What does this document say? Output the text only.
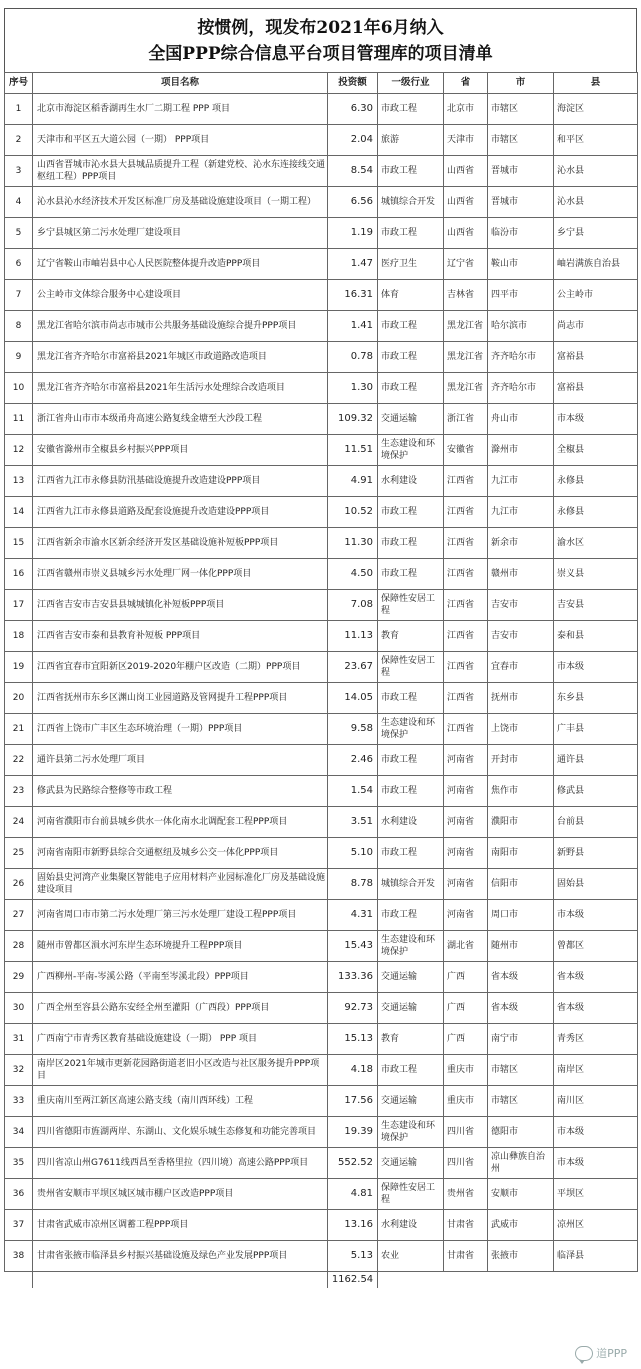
按惯例，现发布2021年6月纳入
全国PPP综合信息平台项目管理库的项目清单
序号	项目名称	投资额	一级行业	省	市	县
1	北京市海淀区稻香湖再生水厂二期工程 PPP 项目	6.30	市政工程	北京市	市辖区	海淀区
2	天津市和平区五大道公园（一期） PPP项目	2.04	旅游	天津市	市辖区	和平区
3	山西省晋城市沁水县大县城品质提升工程（新建党校、沁水东连接线交通枢纽工程）PPP项目	8.54	市政工程	山西省	晋城市	沁水县
4	沁水县沁水经济技术开发区标准厂房及基础设施建设项目（一期工程）	6.56	城镇综合开发	山西省	晋城市	沁水县
5	乡宁县城区第二污水处理厂建设项目	1.19	市政工程	山西省	临汾市	乡宁县
6	辽宁省鞍山市岫岩县中心人民医院整体提升改造PPP项目	1.47	医疗卫生	辽宁省	鞍山市	岫岩满族自治县
7	公主岭市文体综合服务中心建设项目	16.31	体育	吉林省	四平市	公主岭市
8	黑龙江省哈尔滨市尚志市城市公共服务基础设施综合提升PPP项目	1.41	市政工程	黑龙江省	哈尔滨市	尚志市
9	黑龙江省齐齐哈尔市富裕县2021年城区市政道路改造项目	0.78	市政工程	黑龙江省	齐齐哈尔市	富裕县
10	黑龙江省齐齐哈尔市富裕县2021年生活污水处理综合改造项目	1.30	市政工程	黑龙江省	齐齐哈尔市	富裕县
11	浙江省舟山市市本级甬舟高速公路复线金塘至大沙段工程	109.32	交通运输	浙江省	舟山市	市本级
12	安徽省滁州市全椒县乡村振兴PPP项目	11.51	生态建设和环境保护	安徽省	滁州市	全椒县
13	江西省九江市永修县防汛基础设施提升改造建设PPP项目	4.91	水利建设	江西省	九江市	永修县
14	江西省九江市永修县道路及配套设施提升改造建设PPP项目	10.52	市政工程	江西省	九江市	永修县
15	江西省新余市渝水区新余经济开发区基础设施补短板PPP项目	11.30	市政工程	江西省	新余市	渝水区
16	江西省赣州市崇义县城乡污水处理厂网一体化PPP项目	4.50	市政工程	江西省	赣州市	崇义县
17	江西省吉安市吉安县县城城镇化补短板PPP项目	7.08	保障性安居工程	江西省	吉安市	吉安县
18	江西省吉安市泰和县教育补短板 PPP项目	11.13	教育	江西省	吉安市	泰和县
19	江西省宜春市宜阳新区2019-2020年棚户区改造（二期）PPP项目	23.67	保障性安居工程	江西省	宜春市	市本级
20	江西省抚州市东乡区渊山岗工业园道路及管网提升工程PPP项目	14.05	市政工程	江西省	抚州市	东乡县
21	江西省上饶市广丰区生态环境治理（一期）PPP项目	9.58	生态建设和环境保护	江西省	上饶市	广丰县
22	通许县第二污水处理厂项目	2.46	市政工程	河南省	开封市	通许县
23	修武县为民路综合整修等市政工程	1.54	市政工程	河南省	焦作市	修武县
24	河南省濮阳市台前县城乡供水一体化南水北调配套工程PPP项目	3.51	水利建设	河南省	濮阳市	台前县
25	河南省南阳市新野县综合交通枢纽及城乡公交一体化PPP项目	5.10	市政工程	河南省	南阳市	新野县
26	固始县史河湾产业集聚区智能电子应用材料产业园标准化厂房及基础设施建设项目	8.78	城镇综合开发	河南省	信阳市	固始县
27	河南省周口市市第二污水处理厂第三污水处理厂建设工程PPP项目	4.31	市政工程	河南省	周口市	市本级
28	随州市曾都区溳水河东岸生态环境提升工程PPP项目	15.43	生态建设和环境保护	湖北省	随州市	曾都区
29	广西柳州-平南-岑溪公路（平南至岑溪北段）PPP项目	133.36	交通运输	广西	省本级	省本级
30	广西全州至容县公路东安经全州至灌阳（广西段）PPP项目	92.73	交通运输	广西	省本级	省本级
31	广西南宁市青秀区教育基础设施建设（一期） PPP 项目	15.13	教育	广西	南宁市	青秀区
32	南岸区2021年城市更新花园路街道老旧小区改造与社区服务提升PPP项目	4.18	市政工程	重庆市	市辖区	南岸区
33	重庆南川至两江新区高速公路支线（南川西环线）工程	17.56	交通运输	重庆市	市辖区	南川区
34	四川省德阳市旌湖两岸、东湖山、文化娱乐城生态修复和功能完善项目	19.39	生态建设和环境保护	四川省	德阳市	市本级
35	四川省凉山州G7611线西昌至香格里拉（四川境）高速公路PPP项目	552.52	交通运输	四川省	凉山彝族自治州	市本级
36	贵州省安顺市平坝区城区城市棚户区改造PPP项目	4.81	保障性安居工程	贵州省	安顺市	平坝区
37	甘肃省武威市凉州区调蓄工程PPP项目	13.16	水利建设	甘肃省	武威市	凉州区
38	甘肃省张掖市临泽县乡村振兴基础设施及绿色产业发展PPP项目	5.13	农业	甘肃省	张掖市	临泽县
		1162.54				
道PPP
